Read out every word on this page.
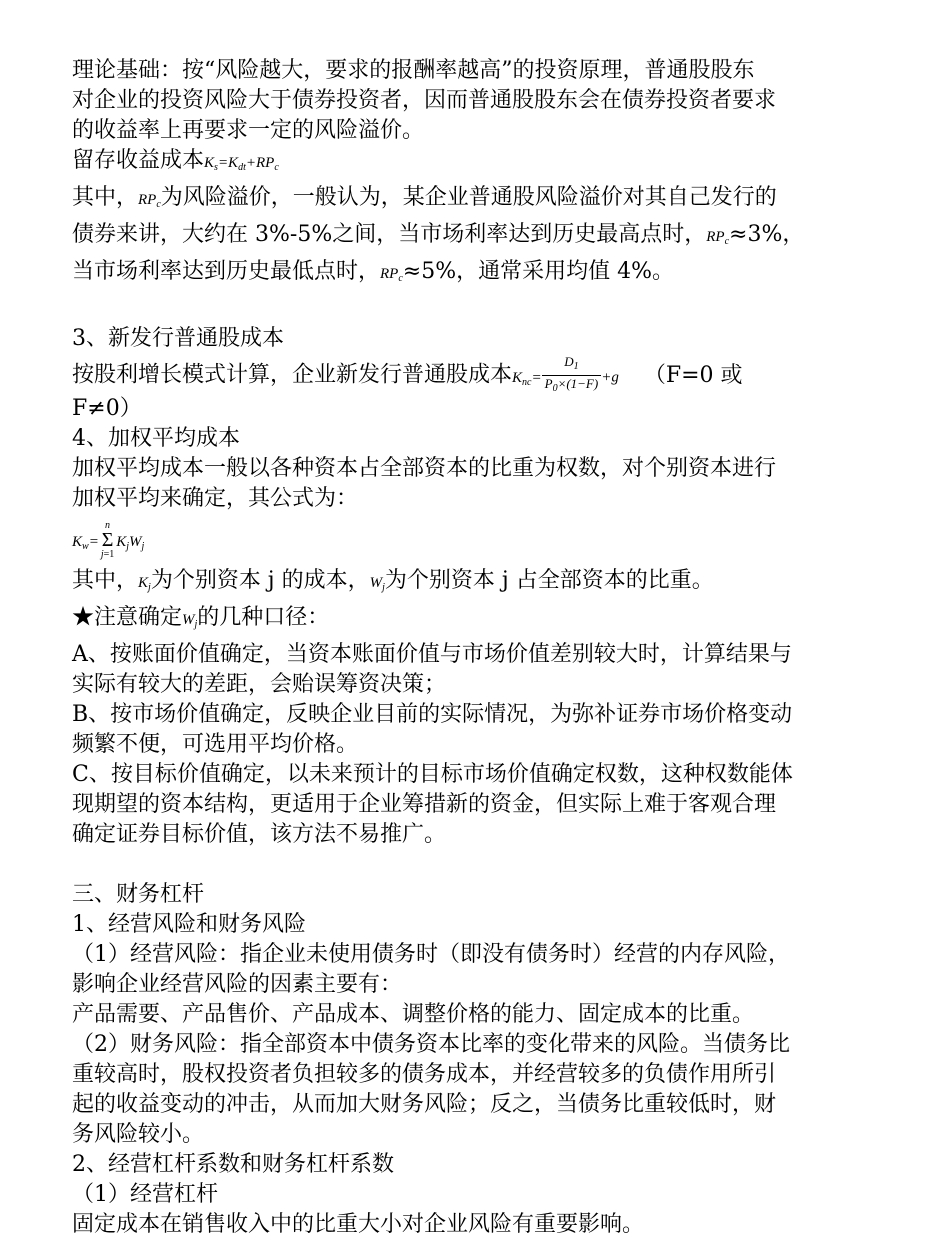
理论基础：按“风险越大，要求的报酬率越高”的投资原理，普通股股东
对企业的投资风险大于债券投资者，因而普通股股东会在债券投资者要求
的收益率上再要求一定的风险溢价。
留存收益成本$K_s=K_{dt}+RP_c$
其中，$RP_c$为风险溢价，一般认为，某企业普通股风险溢价对其自己发行的
债券来讲，大约在 3%-5%之间，当市场利率达到历史最高点时，$RP_c\approx 3\%$，
当市场利率达到历史最低点时，$RP_c\approx 5\%$，通常采用均值 4%。
3、新发行普通股成本
按股利增长模式计算，企业新发行普通股成本$K_{nc}= \frac{D_1}{P_0\times(1-F)} +g$ （F=0 或
F≠0）
4、加权平均成本
加权平均成本一般以各种资本占全部资本的比重为权数，对个别资本进行
加权平均来确定，其公式为：
$K_w=n$
Σ
$j=1K_jW_j$
其中，$K_j$为个别资本 j 的成本，$W_j$为个别资本 j 占全部资本的比重。
★注意确定$W_j$的几种口径：
A、按账面价值确定，当资本账面价值与市场价值差别较大时，计算结果与
实际有较大的差距，会贻误筹资决策；
B、按市场价值确定，反映企业目前的实际情况，为弥补证券市场价格变动
频繁不便，可选用平均价格。
C、按目标价值确定，以未来预计的目标市场价值确定权数，这种权数能体
现期望的资本结构，更适用于企业筹措新的资金，但实际上难于客观合理
确定证券目标价值，该方法不易推广。
三、财务杠杆
1、经营风险和财务风险
（1）经营风险：指企业未使用债务时（即没有债务时）经营的内存风险，
影响企业经营风险的因素主要有：
产品需要、产品售价、产品成本、调整价格的能力、固定成本的比重。
（2）财务风险：指全部资本中债务资本比率的变化带来的风险。当债务比
重较高时，股权投资者负担较多的债务成本，并经营较多的负债作用所引
起的收益变动的冲击，从而加大财务风险；反之，当债务比重较低时，财
务风险较小。
2、经营杠杆系数和财务杠杆系数
（1）经营杠杆
固定成本在销售收入中的比重大小对企业风险有重要影响。
